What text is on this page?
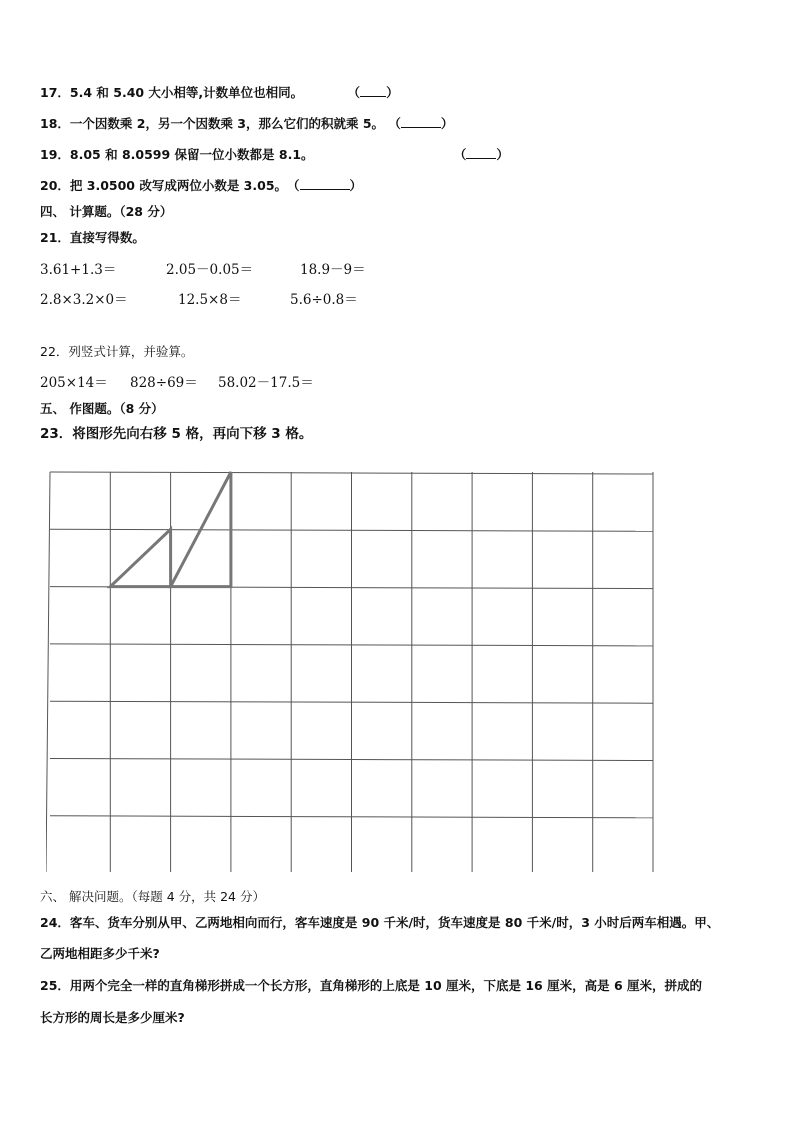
17．5.4 和 5.40 大小相等,计数单位也相同。	（ ）
18．一个因数乘 2，另一个因数乘 3，那么它们的积就乘 5。 （	）
19．8.05 和 8.0599 保留一位小数都是 8.1。	（ ）
20．把 3.0500 改写成两位小数是 3.05。（	）
四、 计算题。（28 分）
21．直接写得数。
3.61+1.3＝	2.05－0.05＝	18.9－9＝
2.8×3.2×0＝	12.5×8＝	5.6÷0.8＝
22．列竖式计算，并验算。
205×14＝ 828÷69＝ 58.02－17.5＝
五、 作图题。（8 分）
23．将图形先向右移 5 格，再向下移 3 格。
六、 解决问题。（每题 4 分，共 24 分）
24．客车、货车分别从甲、乙两地相向而行，客车速度是 90 千米/时，货车速度是 80 千米/时，3 小时后两车相遇。甲、
乙两地相距多少千米?
25．用两个完全一样的直角梯形拼成一个长方形，直角梯形的上底是 10 厘米，下底是 16 厘米，高是 6 厘米，拼成的
长方形的周长是多少厘米?
